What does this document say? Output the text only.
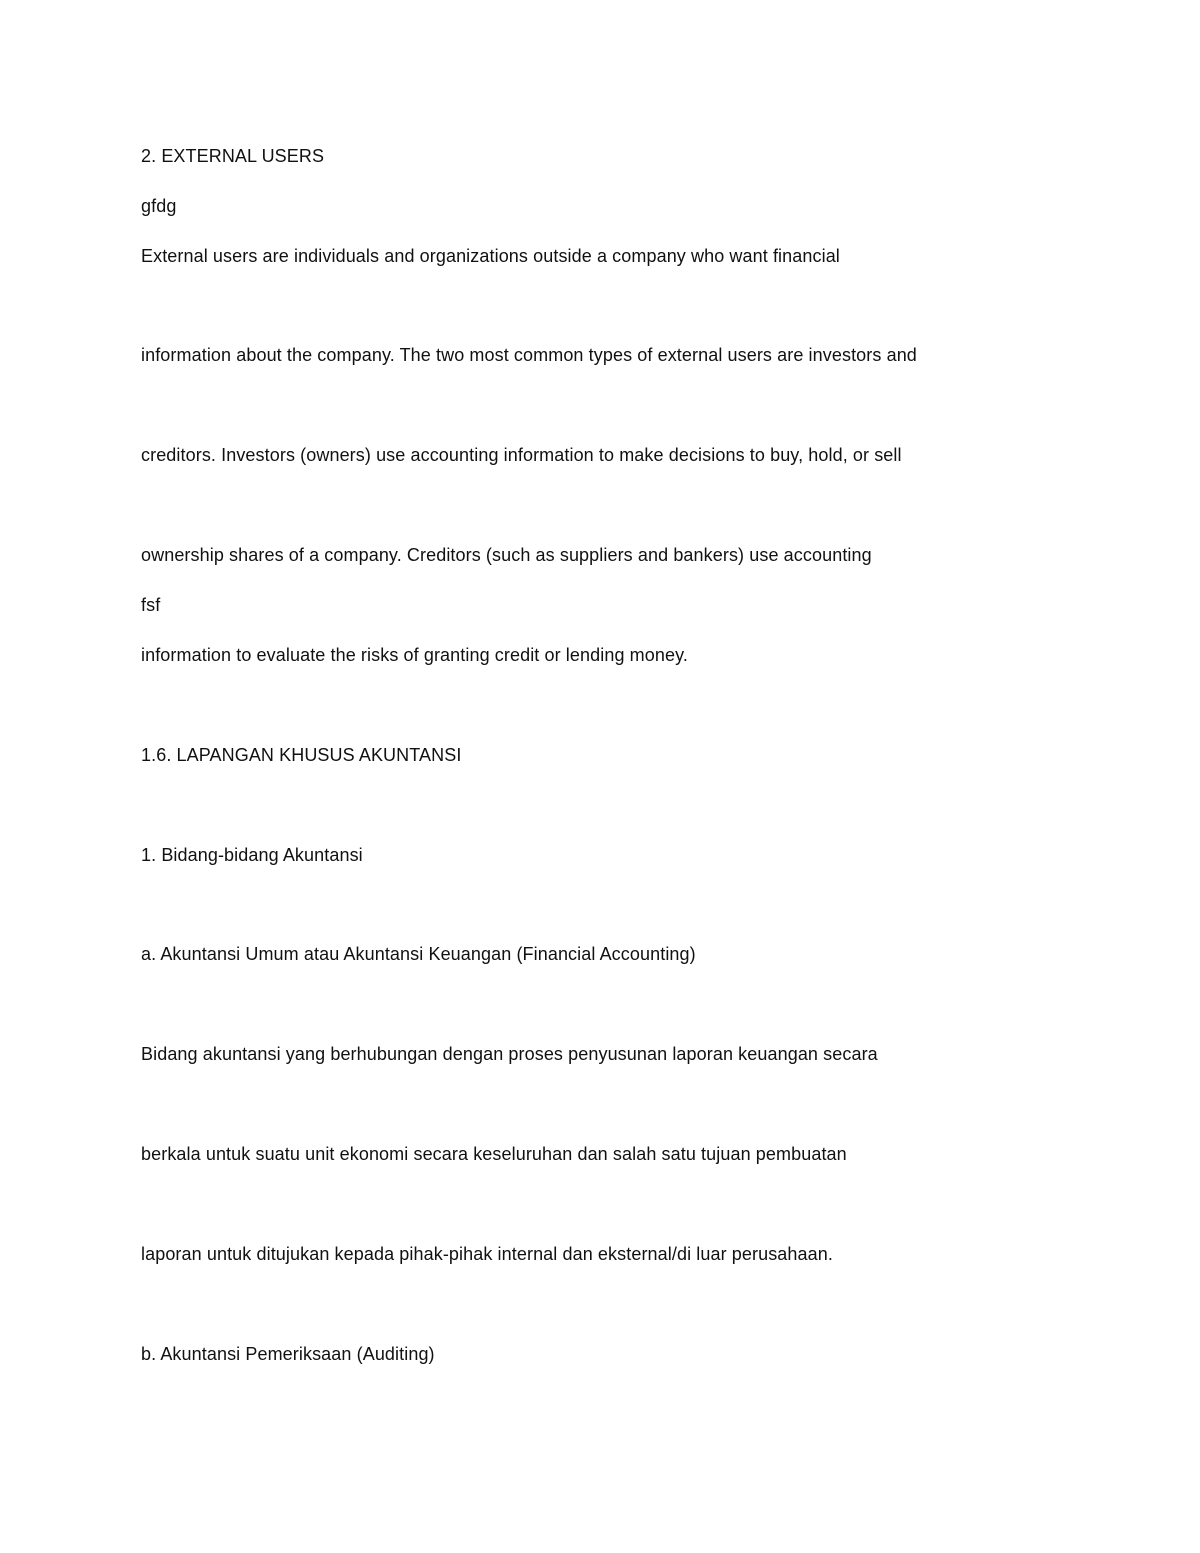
2. EXTERNAL USERS
gfdg
External users are individuals and organizations outside a company who want financial
information about the company. The two most common types of external users are investors and
creditors. Investors (owners) use accounting information to make decisions to buy, hold, or sell
ownership shares of a company. Creditors (such as suppliers and bankers) use accounting
fsf
information to evaluate the risks of granting credit or lending money.
1.6. LAPANGAN KHUSUS AKUNTANSI
1. Bidang-bidang Akuntansi
a. Akuntansi Umum atau Akuntansi Keuangan (Financial Accounting)
Bidang akuntansi yang berhubungan dengan proses penyusunan laporan keuangan secara
berkala untuk suatu unit ekonomi secara keseluruhan dan salah satu tujuan pembuatan
laporan untuk ditujukan kepada pihak-pihak internal dan eksternal/di luar perusahaan.
b. Akuntansi Pemeriksaan (Auditing)
